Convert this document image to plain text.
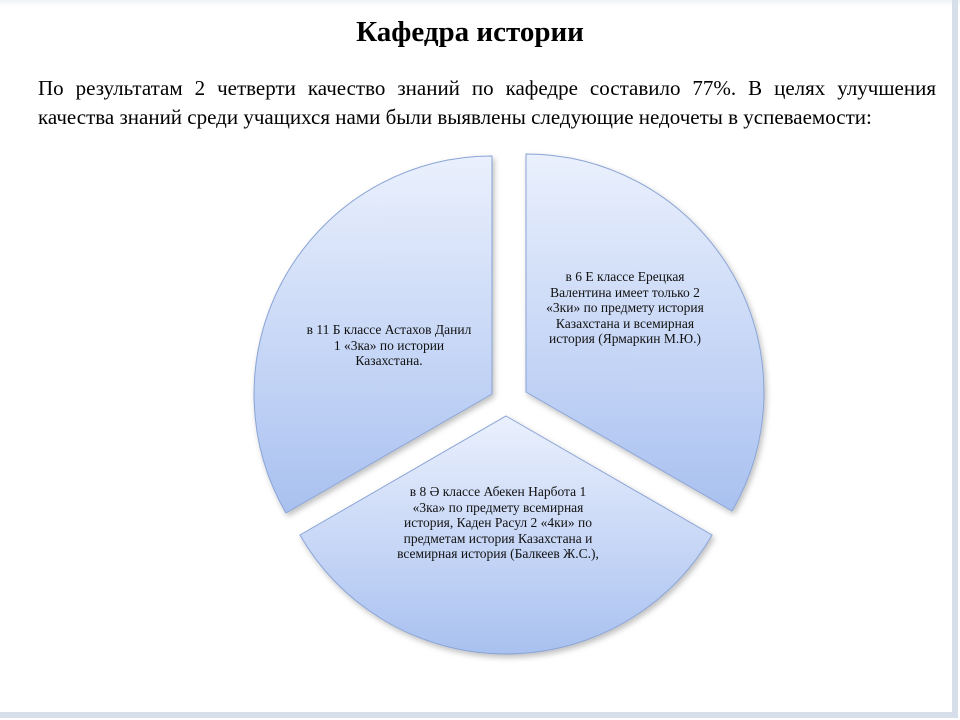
Кафедра истории
По результатам 2 четверти качество знаний по кафедре составило 77%. В целях улучшения качества знаний среди учащихся нами были выявлены следующие недочеты в успеваемости:
в 6 Е классе Ерецкая Валентина имеет только 2 «3ки» по предмету история Казахстана и всемирная история (Ярмаркин М.Ю.)
в 8 Ә классе Абекен Нарбота 1 «3ка» по предмету всемирная история, Каден Расул 2 «4ки» по предметам история Казахстана и всемирная история (Балкеев Ж.С.),
в 11 Б классе Астахов Данил 1 «3ка» по истории Казахстана.
